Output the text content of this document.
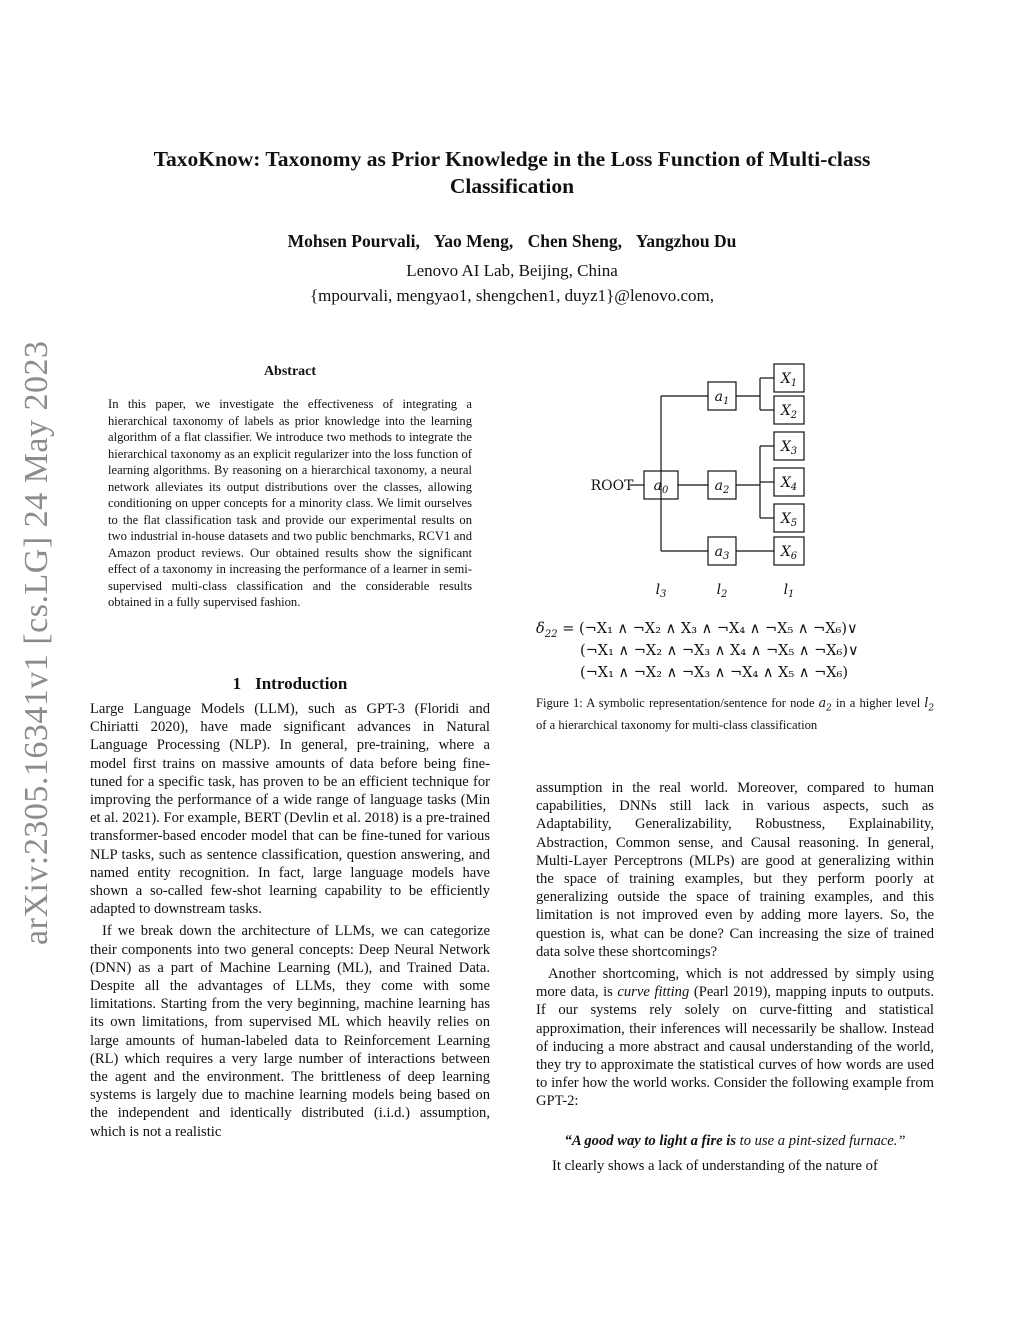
arXiv:2305.16341v1 [cs.LG] 24 May 2023
TaxoKnow: Taxonomy as Prior Knowledge in the Loss Function of Multi-class Classification
Mohsen Pourvali, Yao Meng, Chen Sheng, Yangzhou Du
Lenovo AI Lab, Beijing, China
{mpourvali, mengyao1, shengchen1, duyz1}@lenovo.com,
Abstract
In this paper, we investigate the effectiveness of integrating a hierarchical taxonomy of labels as prior knowledge into the learning algorithm of a flat classifier. We introduce two methods to integrate the hierarchical taxonomy as an explicit regularizer into the loss function of learning algorithms. By reasoning on a hierarchical taxonomy, a neural network alleviates its output distributions over the classes, allowing conditioning on upper concepts for a minority class. We limit ourselves to the flat classification task and provide our experimental results on two industrial in-house datasets and two public benchmarks, RCV1 and Amazon product reviews. Our obtained results show the significant effect of a taxonomy in increasing the performance of a learner in semi-supervised multi-class classification and the considerable results obtained in a fully supervised fashion.
1 Introduction

Large Language Models (LLM), such as GPT-3 (Floridi and Chiriatti 2020), have made significant advances in Natural Language Processing (NLP). In general, pre-training, where a model first trains on massive amounts of data before being fine-tuned for a specific task, has proven to be an efficient technique for improving the performance of a wide range of language tasks (Min et al. 2021). For example, BERT (Devlin et al. 2018) is a pre-trained transformer-based encoder model that can be fine-tuned for various NLP tasks, such as sentence classification, question answering, and named entity recognition. In fact, large language models have shown a so-called few-shot learning capability to be efficiently adapted to downstream tasks.

If we break down the architecture of LLMs, we can categorize their components into two general concepts: Deep Neural Network (DNN) as a part of Machine Learning (ML), and Trained Data. Despite all the advantages of LLMs, they come with some limitations. Starting from the very beginning, machine learning has its own limitations, from supervised ML which heavily relies on large amounts of human-labeled data to Reinforcement Learning (RL) which requires a very large number of interactions between the agent and the environment. The brittleness of deep learning systems is largely due to machine learning models being based on the independent and identically distributed (i.i.d.) assumption, which is not a realistic

ROOT $a_0$
$a_1$
$a_2$
$a_3$
$X_1$
$X_2$
$X_3$
$X_4$
$X_5$
$X_6$
$l_3$	$l_2$	$l_1$
$\delta_{22}$ = (¬X₁ ∧ ¬X₂ ∧ X₃ ∧ ¬X₄ ∧ ¬X₅ ∧ ¬X₆)∨
(¬X₁ ∧ ¬X₂ ∧ ¬X₃ ∧ X₄ ∧ ¬X₅ ∧ ¬X₆)∨
(¬X₁ ∧ ¬X₂ ∧ ¬X₃ ∧ ¬X₄ ∧ X₅ ∧ ¬X₆)
Figure 1: A symbolic representation/sentence for node $a_2$ in a higher level $l_2$ of a hierarchical taxonomy for multi-class classification

assumption in the real world. Moreover, compared to human capabilities, DNNs still lack in various aspects, such as Adaptability, Generalizability, Robustness, Explainability, Abstraction, Common sense, and Causal reasoning. In general, Multi-Layer Perceptrons (MLPs) are good at generalizing within the space of training examples, but they perform poorly at generalizing outside the space of training examples, and this limitation is not improved even by adding more layers. So, the question is, what can be done? Can increasing the size of trained data solve these shortcomings?

Another shortcoming, which is not addressed by simply using more data, is curve fitting (Pearl 2019), mapping inputs to outputs. If our systems rely solely on curve-fitting and statistical approximation, their inferences will necessarily be shallow. Instead of inducing a more abstract and causal understanding of the world, they try to approximate the statistical curves of how words are used to infer how the world works. Consider the following example from GPT-2:

“A good way to light a fire is to use a pint-sized furnace.”
It clearly shows a lack of understanding of the nature of
